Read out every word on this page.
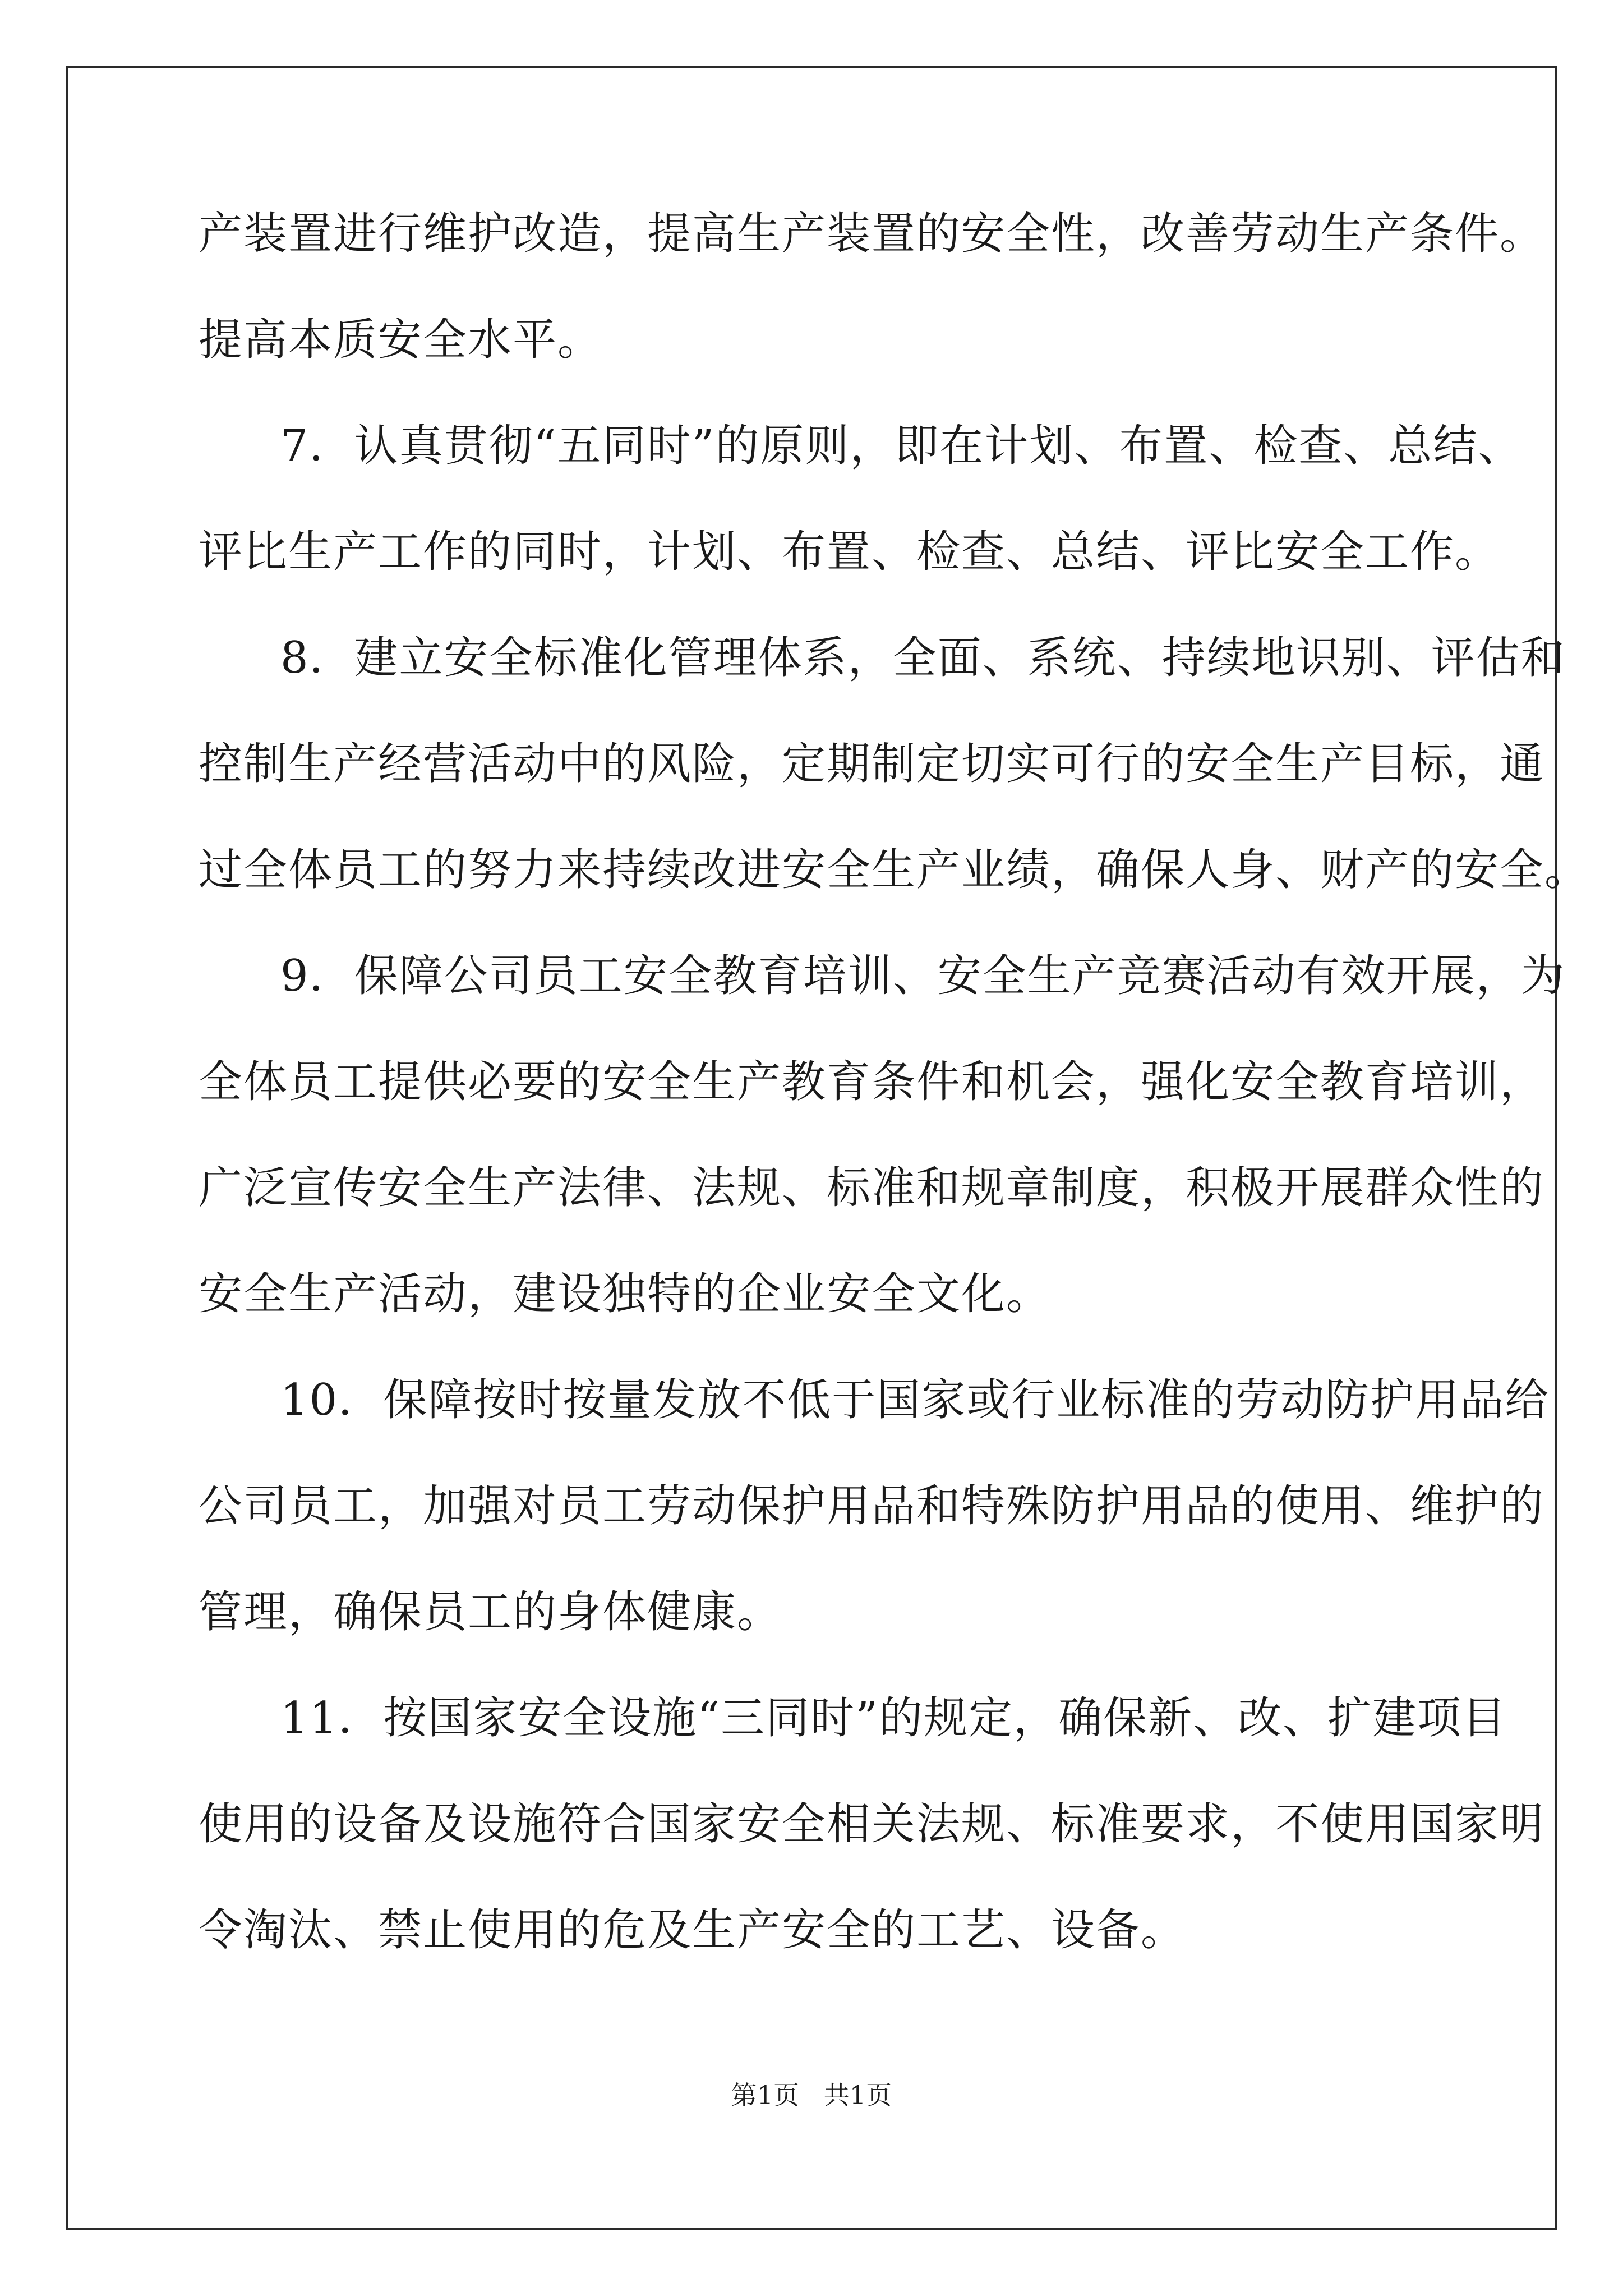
产装置进行维护改造，提高生产装置的安全性，改善劳动生产条件。
提高本质安全水平。
7．认真贯彻“五同时”的原则，即在计划、布置、检查、总结、
评比生产工作的同时，计划、布置、检查、总结、评比安全工作。
8．建立安全标准化管理体系，全面、系统、持续地识别、评估和
控制生产经营活动中的风险，定期制定切实可行的安全生产目标，通
过全体员工的努力来持续改进安全生产业绩，确保人身、财产的安全。
9．保障公司员工安全教育培训、安全生产竞赛活动有效开展，为
全体员工提供必要的安全生产教育条件和机会，强化安全教育培训，
广泛宣传安全生产法律、法规、标准和规章制度，积极开展群众性的
安全生产活动，建设独特的企业安全文化。
10．保障按时按量发放不低于国家或行业标准的劳动防护用品给
公司员工，加强对员工劳动保护用品和特殊防护用品的使用、维护的
管理，确保员工的身体健康。
11．按国家安全设施“三同时”的规定，确保新、改、扩建项目
使用的设备及设施符合国家安全相关法规、标准要求，不使用国家明
令淘汰、禁止使用的危及生产安全的工艺、设备。
第1页   共1页
